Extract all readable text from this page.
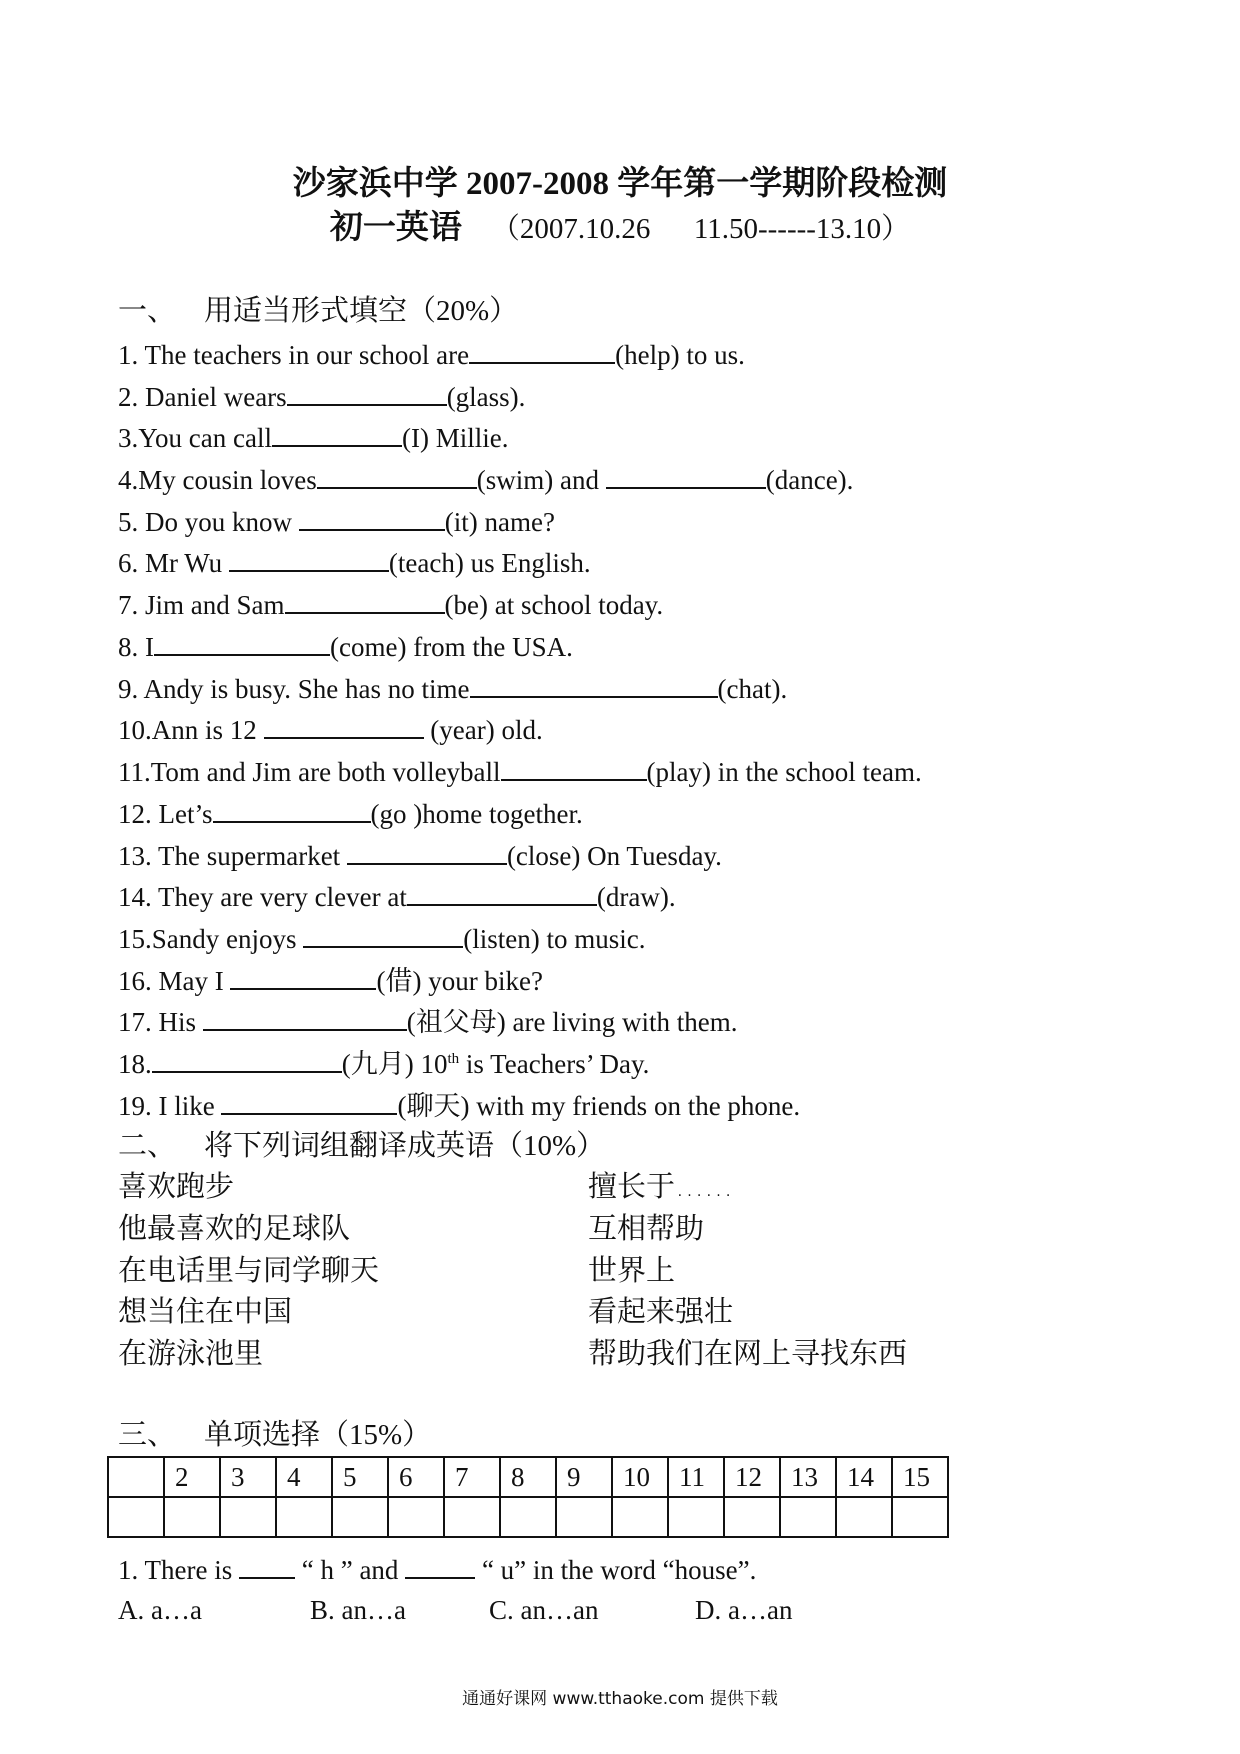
沙家浜中学 2007-2008 学年第一学期阶段检测
初一英语 （2007.10.26      11.50------13.10）
一、 用适当形式填空（20%）
1. The teachers in our school are	(help) to us.
2. Daniel wears	(glass).
3.You can call	(I) Millie.
4.My cousin loves	(swim) and	(dance).
5. Do you know	(it) name?
6. Mr Wu	(teach) us English.
7. Jim and Sam	(be) at school today.
8. I	(come) from the USA.
9. Andy is busy. She has no time	(chat).
10.Ann is 12	(year) old.
11.Tom and Jim are both volleyball	(play) in the school team.
12. Let’s	(go )home together.
13. The supermarket	(close) On Tuesday.
14. They are very clever at	(draw).
15.Sandy enjoys	(listen) to music.
16. May I	(借) your bike?
17. His	(祖父母) are living with them.
18.	(九月) 10th is Teachers’ Day.
19. I like	(聊天) with my friends on the phone.
二、 将下列词组翻译成英语（10%）
喜欢跑步	擅长于……
他最喜欢的足球队	互相帮助
在电话里与同学聊天	世界上
想当住在中国	看起来强壮
在游泳池里	帮助我们在网上寻找东西
三、 单项选择（15%）
	2	3	4	5	6	7	8	9	10	11	12	13	14	15

1. There is  “ h ” and	“ u” in the word “house”.
A. a…a	B. an…a	C. an…an	D. a…an
通通好课网 www.tthaoke.com 提供下载
